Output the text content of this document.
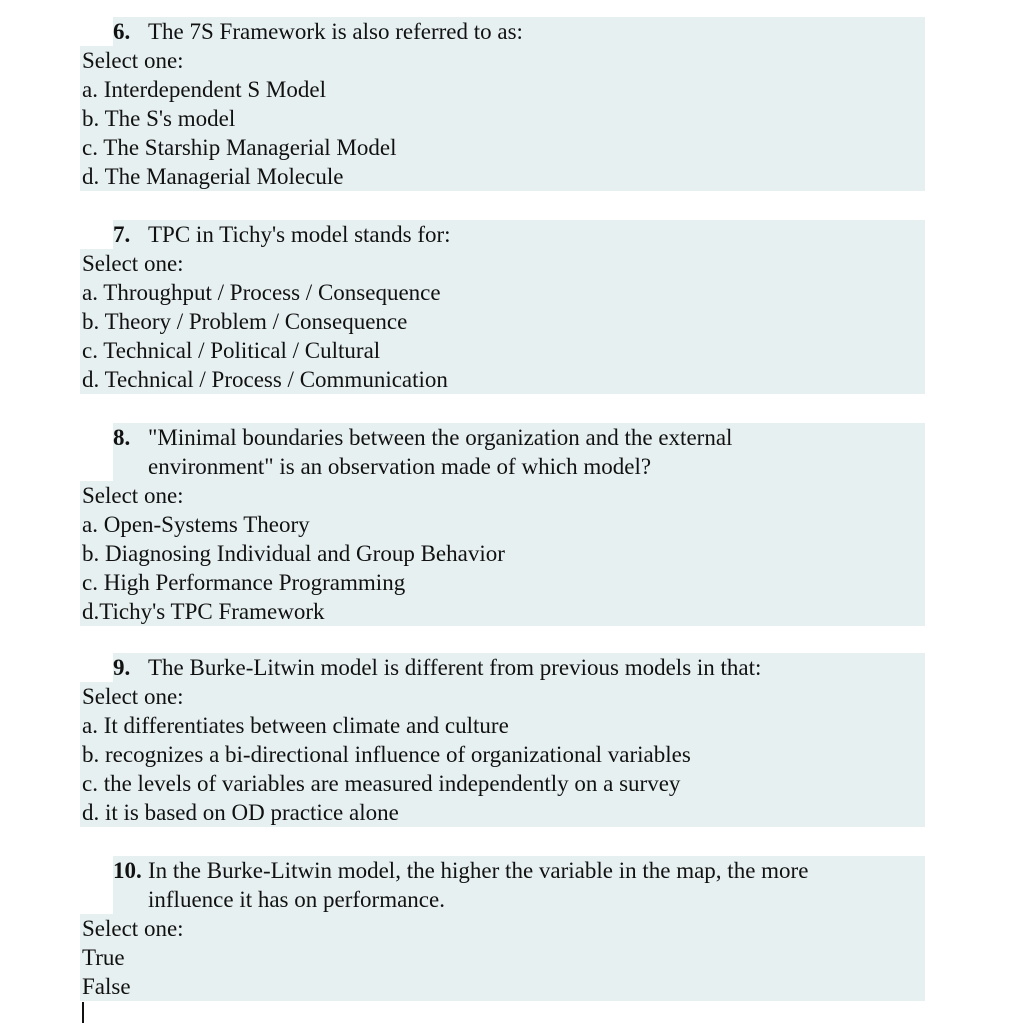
6. The 7S Framework is also referred to as:
Select one:
a. Interdependent S Model
b. The S's model
c. The Starship Managerial Model
d. The Managerial Molecule
7. TPC in Tichy's model stands for:
Select one:
a. Throughput / Process / Consequence
b. Theory / Problem / Consequence
c. Technical / Political / Cultural
d. Technical / Process / Communication
8. "Minimal boundaries between the organization and the external
environment" is an observation made of which model?
Select one:
a. Open-Systems Theory
b. Diagnosing Individual and Group Behavior
c. High Performance Programming
d.Tichy's TPC Framework
9. The Burke-Litwin model is different from previous models in that:
Select one:
a. It differentiates between climate and culture
b. recognizes a bi-directional influence of organizational variables
c. the levels of variables are measured independently on a survey
d. it is based on OD practice alone
10. In the Burke-Litwin model, the higher the variable in the map, the more
influence it has on performance.
Select one:
True
False
